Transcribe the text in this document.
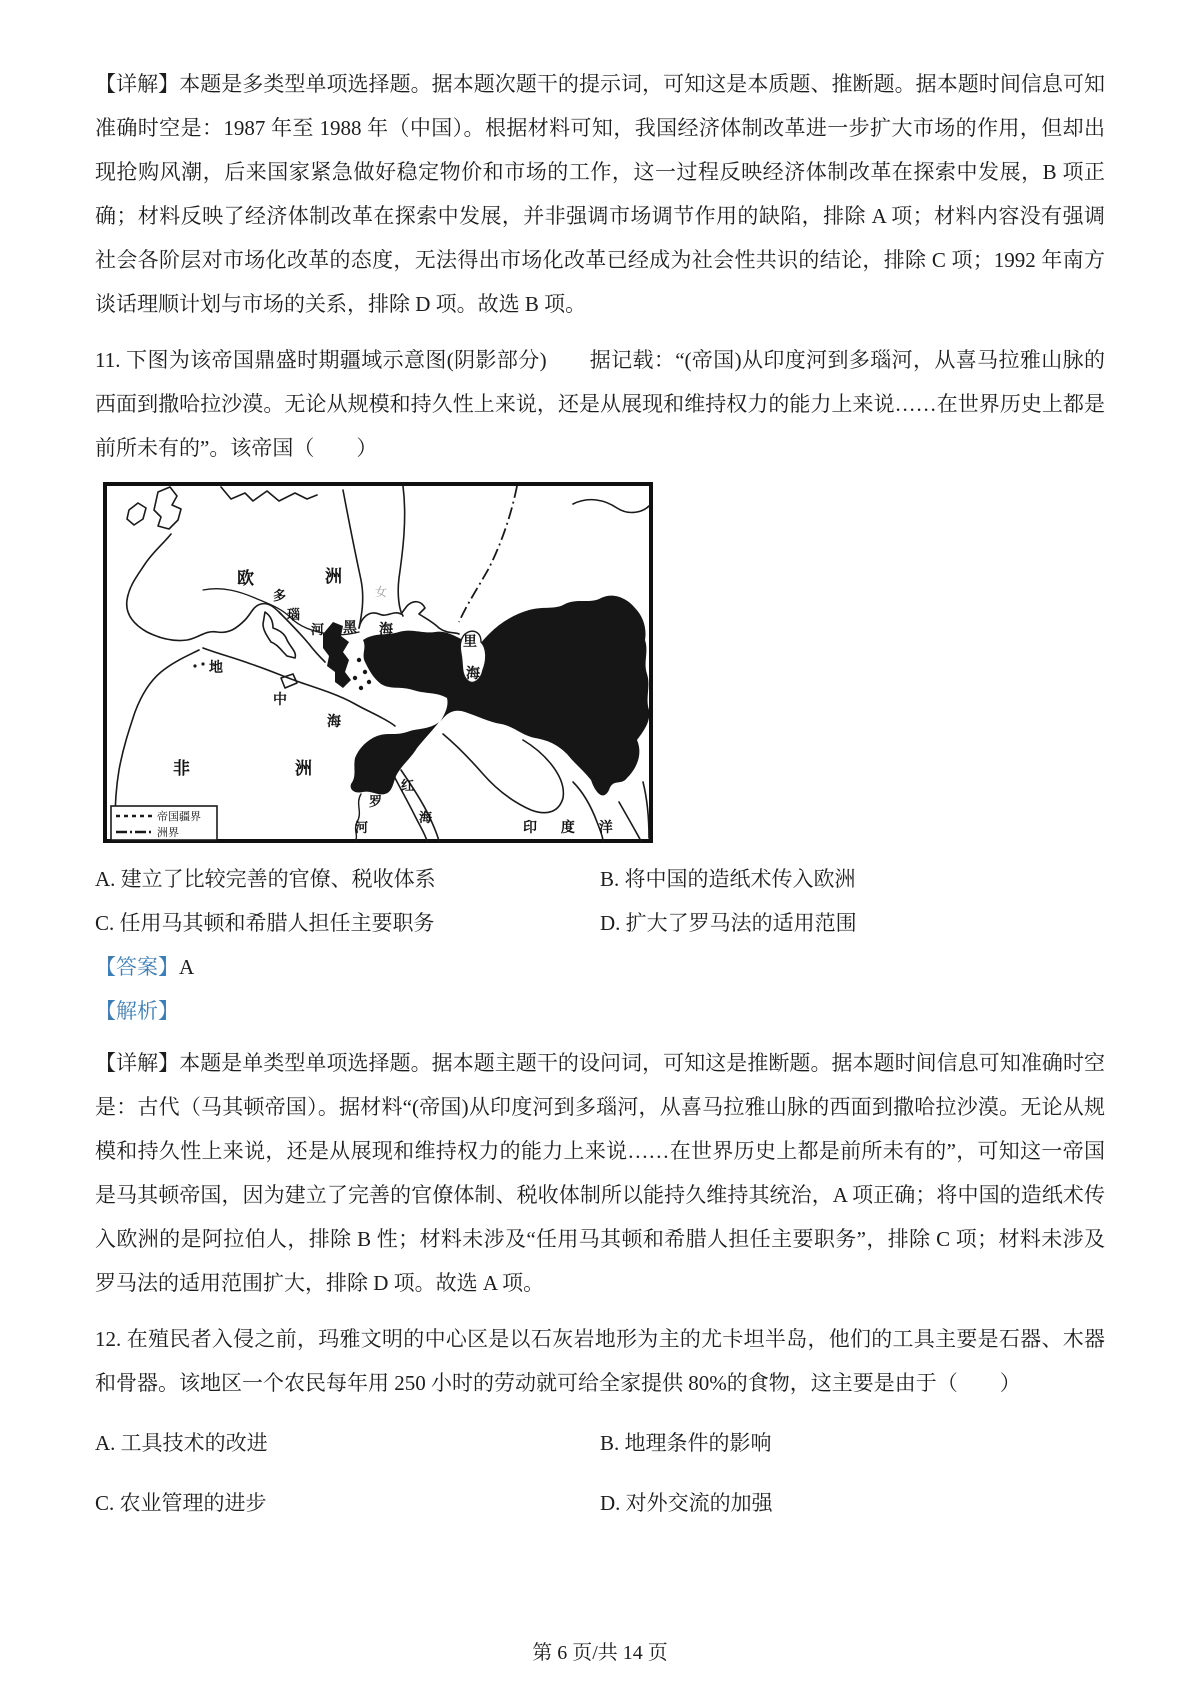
【详解】本题是多类型单项选择题。据本题次题干的提示词，可知这是本质题、推断题。据本题时间信息可知准确时空是：1987 年至 1988 年（中国）。根据材料可知，我国经济体制改革进一步扩大市场的作用，但却出现抢购风潮，后来国家紧急做好稳定物价和市场的工作，这一过程反映经济体制改革在探索中发展，B 项正确；材料反映了经济体制改革在探索中发展，并非强调市场调节作用的缺陷，排除 A 项；材料内容没有强调社会各阶层对市场化改革的态度，无法得出市场化改革已经成为社会性共识的结论，排除 C 项；1992 年南方谈话理顺计划与市场的关系，排除 D 项。故选 B 项。

11. 下图为该帝国鼎盛时期疆域示意图(阴影部分)　　据记载：“(帝国)从印度河到多瑙河，从喜马拉雅山脉的西面到撒哈拉沙漠。无论从规模和持久性上来说，还是从展现和维持权力的能力上来说……在世界历史上都是前所未有的”。该帝国（　　）

欧	洲
女
多
瑙
河 黑 海
里
海
地
中
海
非	洲
罗
河
红
海
印 度 洋
帝国疆界
洲界
A. 建立了比较完善的官僚、税收体系	B. 将中国的造纸术传入欧洲
C. 任用马其顿和希腊人担任主要职务	D. 扩大了罗马法的适用范围
【答案】A
【解析】

【详解】本题是单类型单项选择题。据本题主题干的设问词，可知这是推断题。据本题时间信息可知准确时空是：古代（马其顿帝国）。据材料“(帝国)从印度河到多瑙河，从喜马拉雅山脉的西面到撒哈拉沙漠。无论从规模和持久性上来说，还是从展现和维持权力的能力上来说……在世界历史上都是前所未有的”，可知这一帝国是马其顿帝国，因为建立了完善的官僚体制、税收体制所以能持久维持其统治，A 项正确；将中国的造纸术传入欧洲的是阿拉伯人，排除 B 性；材料未涉及“任用马其顿和希腊人担任主要职务”，排除 C 项；材料未涉及罗马法的适用范围扩大，排除 D 项。故选 A 项。

12. 在殖民者入侵之前，玛雅文明的中心区是以石灰岩地形为主的尤卡坦半岛，他们的工具主要是石器、木器和骨器。该地区一个农民每年用 250 小时的劳动就可给全家提供 80%的食物，这主要是由于（　　）

A. 工具技术的改进	B. 地理条件的影响
C. 农业管理的进步	D. 对外交流的加强
第 6 页/共 14 页
